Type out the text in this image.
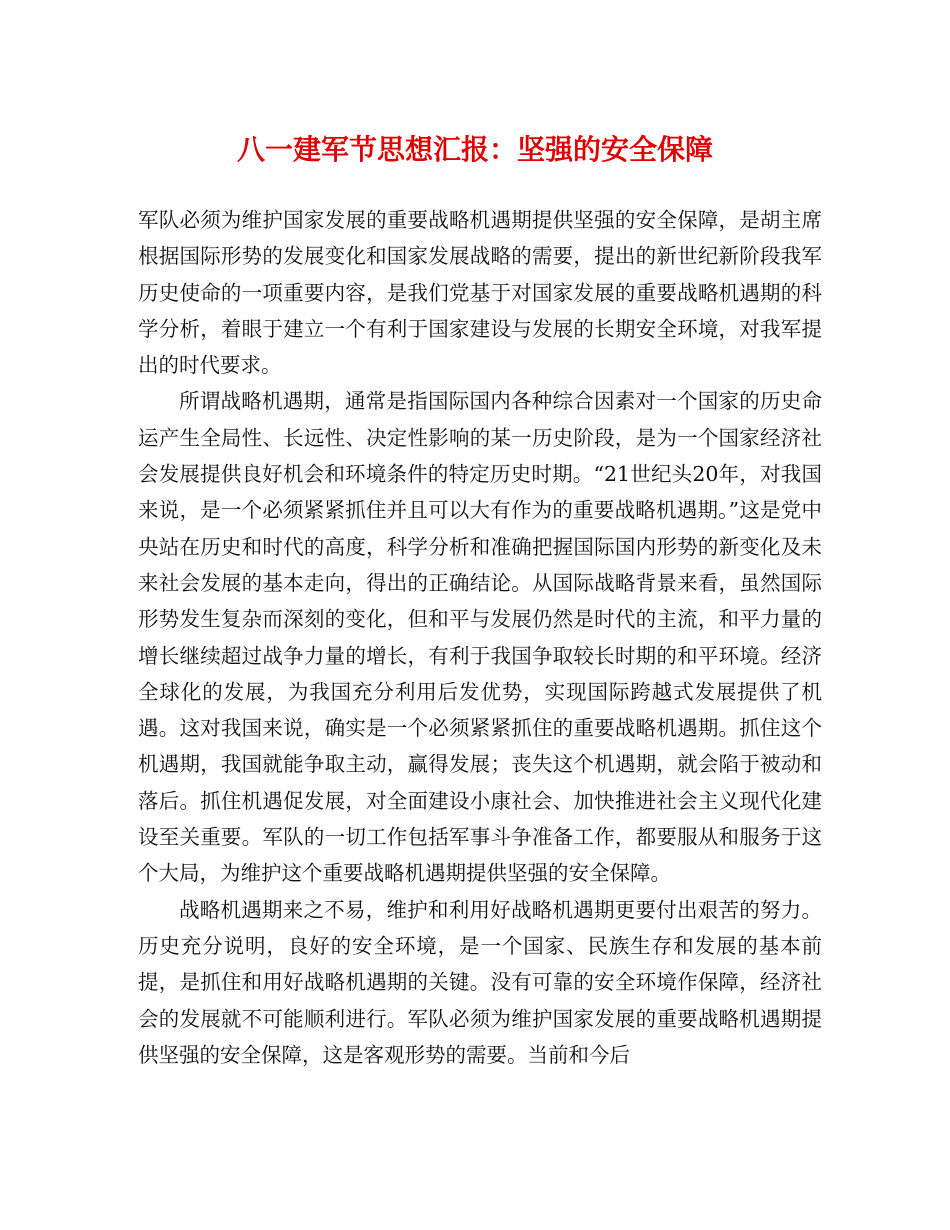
八一建军节思想汇报：坚强的安全保障

军队必须为维护国家发展的重要战略机遇期提供坚强的安全保障，是胡主席根据国际形势的发展变化和国家发展战略的需要，提出的新世纪新阶段我军历史使命的一项重要内容，是我们党基于对国家发展的重要战略机遇期的科学分析，着眼于建立一个有利于国家建设与发展的长期安全环境，对我军提出的时代要求。

所谓战略机遇期，通常是指国际国内各种综合因素对一个国家的历史命运产生全局性、长远性、决定性影响的某一历史阶段，是为一个国家经济社会发展提供良好机会和环境条件的特定历史时期。“21世纪头20年，对我国来说，是一个必须紧紧抓住并且可以大有作为的重要战略机遇期。”这是党中央站在历史和时代的高度，科学分析和准确把握国际国内形势的新变化及未来社会发展的基本走向，得出的正确结论。从国际战略背景来看，虽然国际形势发生复杂而深刻的变化，但和平与发展仍然是时代的主流，和平力量的增长继续超过战争力量的增长，有利于我国争取较长时期的和平环境。经济全球化的发展，为我国充分利用后发优势，实现国际跨越式发展提供了机遇。这对我国来说，确实是一个必须紧紧抓住的重要战略机遇期。抓住这个机遇期，我国就能争取主动，赢得发展；丧失这个机遇期，就会陷于被动和落后。抓住机遇促发展，对全面建设小康社会、加快推进社会主义现代化建设至关重要。军队的一切工作包括军事斗争准备工作，都要服从和服务于这个大局，为维护这个重要战略机遇期提供坚强的安全保障。

战略机遇期来之不易，维护和利用好战略机遇期更要付出艰苦的努力。历史充分说明，良好的安全环境，是一个国家、民族生存和发展的基本前提，是抓住和用好战略机遇期的关键。没有可靠的安全环境作保障，经济社会的发展就不可能顺利进行。军队必须为维护国家发展的重要战略机遇期提供坚强的安全保障，这是客观形势的需要。当前和今后
